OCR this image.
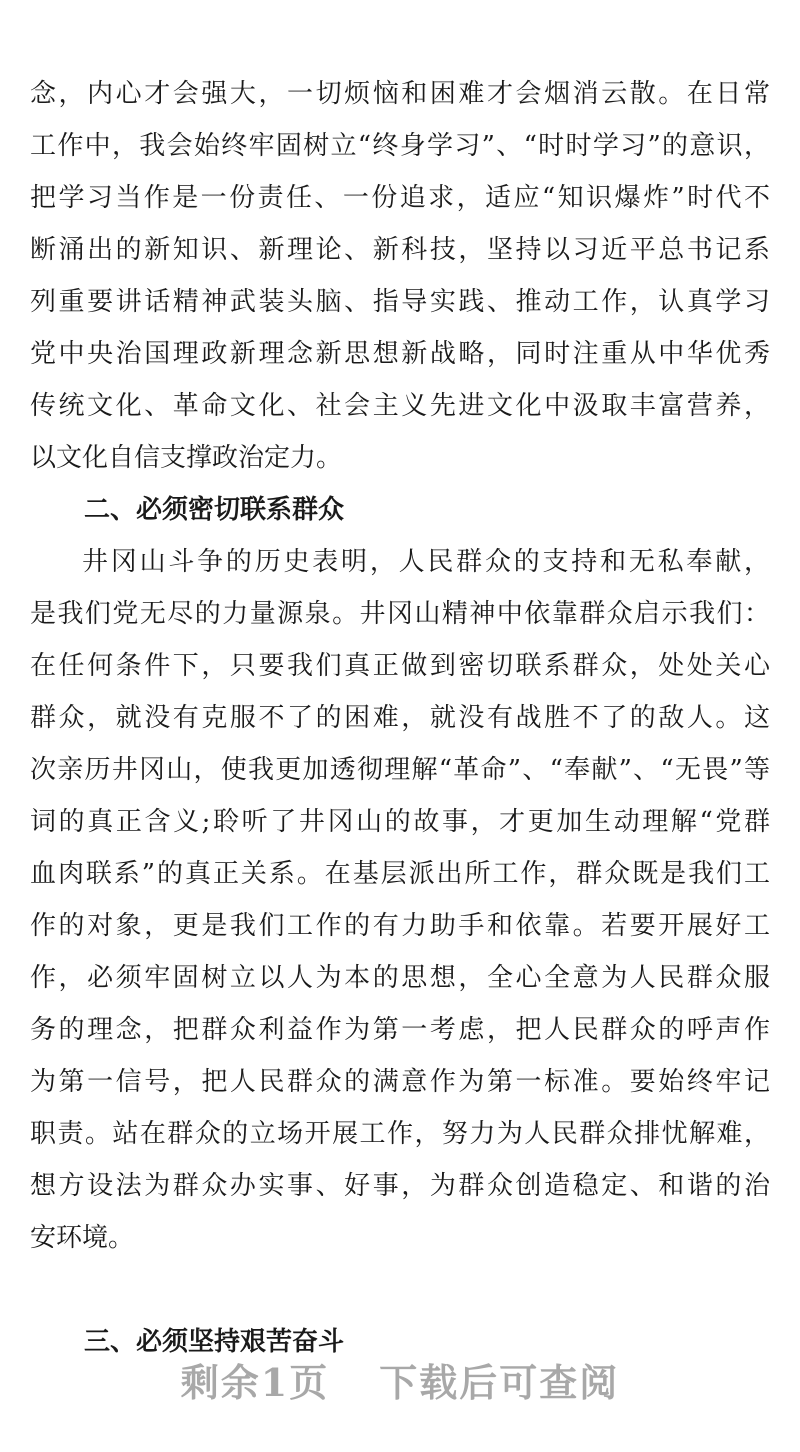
念，内心才会强大，一切烦恼和困难才会烟消云散。在日常
工作中，我会始终牢固树立“终身学习”、“时时学习”的意识，
把学习当作是一份责任、一份追求，适应“知识爆炸”时代不
断涌出的新知识、新理论、新科技，坚持以习近平总书记系
列重要讲话精神武装头脑、指导实践、推动工作，认真学习
党中央治国理政新理念新思想新战略，同时注重从中华优秀
传统文化、革命文化、社会主义先进文化中汲取丰富营养，
以文化自信支撑政治定力。
二、必须密切联系群众
井冈山斗争的历史表明，人民群众的支持和无私奉献，
是我们党无尽的力量源泉。井冈山精神中依靠群众启示我们：
在任何条件下，只要我们真正做到密切联系群众，处处关心
群众，就没有克服不了的困难，就没有战胜不了的敌人。这
次亲历井冈山，使我更加透彻理解“革命”、“奉献”、“无畏”等
词的真正含义;聆听了井冈山的故事，才更加生动理解“党群
血肉联系”的真正关系。在基层派出所工作，群众既是我们工
作的对象，更是我们工作的有力助手和依靠。若要开展好工
作，必须牢固树立以人为本的思想，全心全意为人民群众服
务的理念，把群众利益作为第一考虑，把人民群众的呼声作
为第一信号，把人民群众的满意作为第一标准。要始终牢记
职责。站在群众的立场开展工作，努力为人民群众排忧解难，
想方设法为群众办实事、好事，为群众创造稳定、和谐的治
安环境。
三、必须坚持艰苦奋斗
剩余1页 下载后可查阅
